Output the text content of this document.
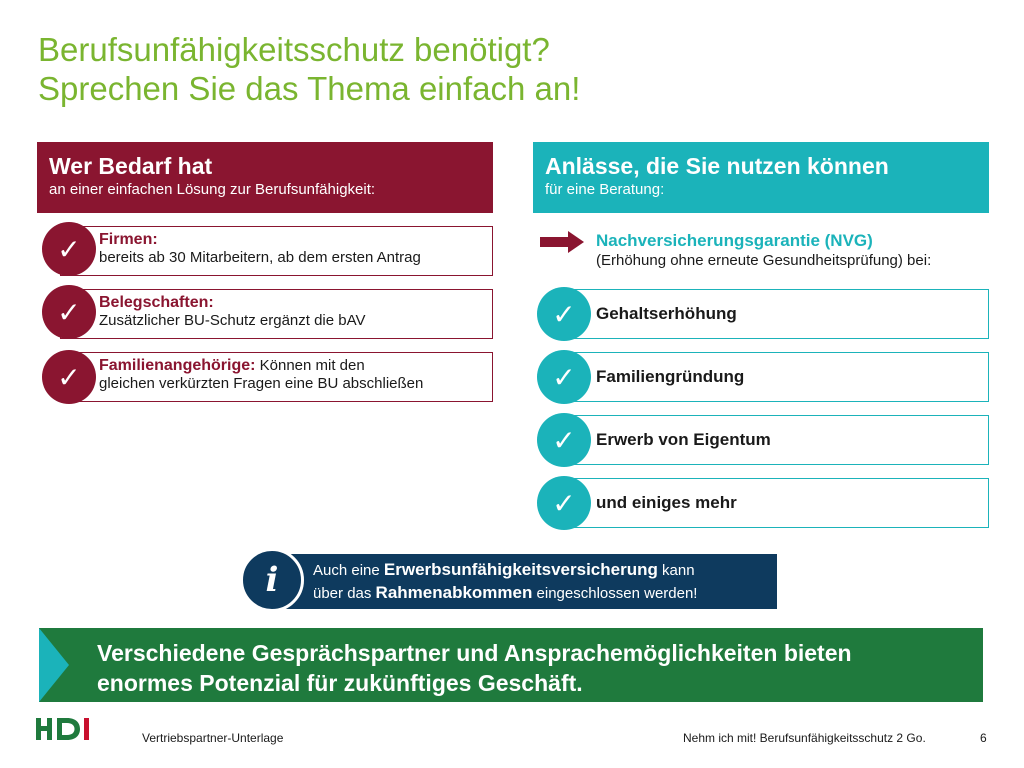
Berufsunfähigkeitsschutz benötigt?
Sprechen Sie das Thema einfach an!
Wer Bedarf hat
an einer einfachen Lösung zur Berufsunfähigkeit:
Firmen:
bereits ab 30 Mitarbeitern, ab dem ersten Antrag
✓
Belegschaften:
Zusätzlicher BU-Schutz ergänzt die bAV
✓
Familienangehörige: Können mit den
gleichen verkürzten Fragen eine BU abschließen
✓
Anlässe, die Sie nutzen können
für eine Beratung:
Nachversicherungsgarantie (NVG)
(Erhöhung ohne erneute Gesundheitsprüfung) bei:
Gehaltserhöhung
✓
Familiengründung
✓
Erwerb von Eigentum
✓
und einiges mehr
✓
Auch eine Erwerbsunfähigkeitsversicherung kann
über das Rahmenabkommen eingeschlossen werden!
i
Verschiedene Gesprächspartner und Ansprachemöglichkeiten bieten
enormes Potenzial für zukünftiges Geschäft.
Vertriebspartner-Unterlage	Nehm ich mit! Berufsunfähigkeitsschutz 2 Go.	6
